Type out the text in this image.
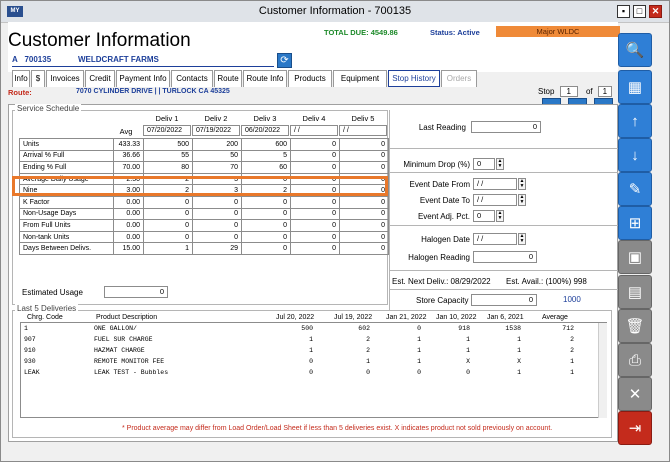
MY	Customer Information - 700135	▪	□	✕
Customer Information	TOTAL DUE: 4549.86	Status: Active	Major WLDC
A 700135	WELDCRAFT FARMS	⟳
Info	$	Invoices	Credit	Payment Info	Contacts	Route Route Info	Products	Equipment	Stop History	Orders
Route:	7070 CYLINDER DRIVE | | TURLOCK CA 45325	Stop 1 of 1
Service Schedule
Avg
Deliv 1	Deliv 2	Deliv 3	Deliv 4	Deliv 5
07/20/2022	07/19/2022	06/20/2022	/ /	/ /
Units	433.33	500	200	600	0	0
Arrival % Full	36.66	55	50	5	0	0
Ending % Full	70.00	80	70	60	0	0
Average Daily Usage	2.50	2	3	0	0	0
Nine	3.00	2	3	2	0	0
K Factor	0.00	0	0	0	0	0
Non-Usage Days	0.00	0	0	0	0	0
From Full Units	0.00	0	0	0	0	0
Non-tank Units	0.00	0	0	0	0	0
Days Between Delivs.	15.00	1	29	0	0	0
Estimated Usage	0
Last Reading	0
Minimum Drop (%) 0	▲
▼
Event Date From / /	▲
▼
Event Date To / /	▲
▼
Event Adj. Pct. 0	▲
▼
Halogen Date / /	▲
▼
Halogen Reading	0
Est. Next Deliv.: 08/29/2022 Est. Avail.: (100%) 998
Store Capacity	0	1000
Last 5 Deliveries
Chrg. Code	Product Description	Jul 20, 2022	Jul 19, 2022 Jan 21, 2022 Jan 10, 2022 Jan 6, 2021	Average
1	ONE GALLON/	500	602	0	918	1538	712
907	FUEL SUR CHARGE	1	2	1	1	1	2
910	HAZMAT CHARGE	1	2	1	1	1	2
930	REMOTE MONITOR FEE	0	1	1	X	X	1
LEAK	LEAK TEST - Bubbles	0	0	0	0	1	1
* Product average may differ from Load Order/Load Sheet if less than 5 deliveries exist. X indicates product not sold previously on account.
🔍
▦
↑
↓
✎
⊞
▣
▤
🗑
⎙
✕
⇥
